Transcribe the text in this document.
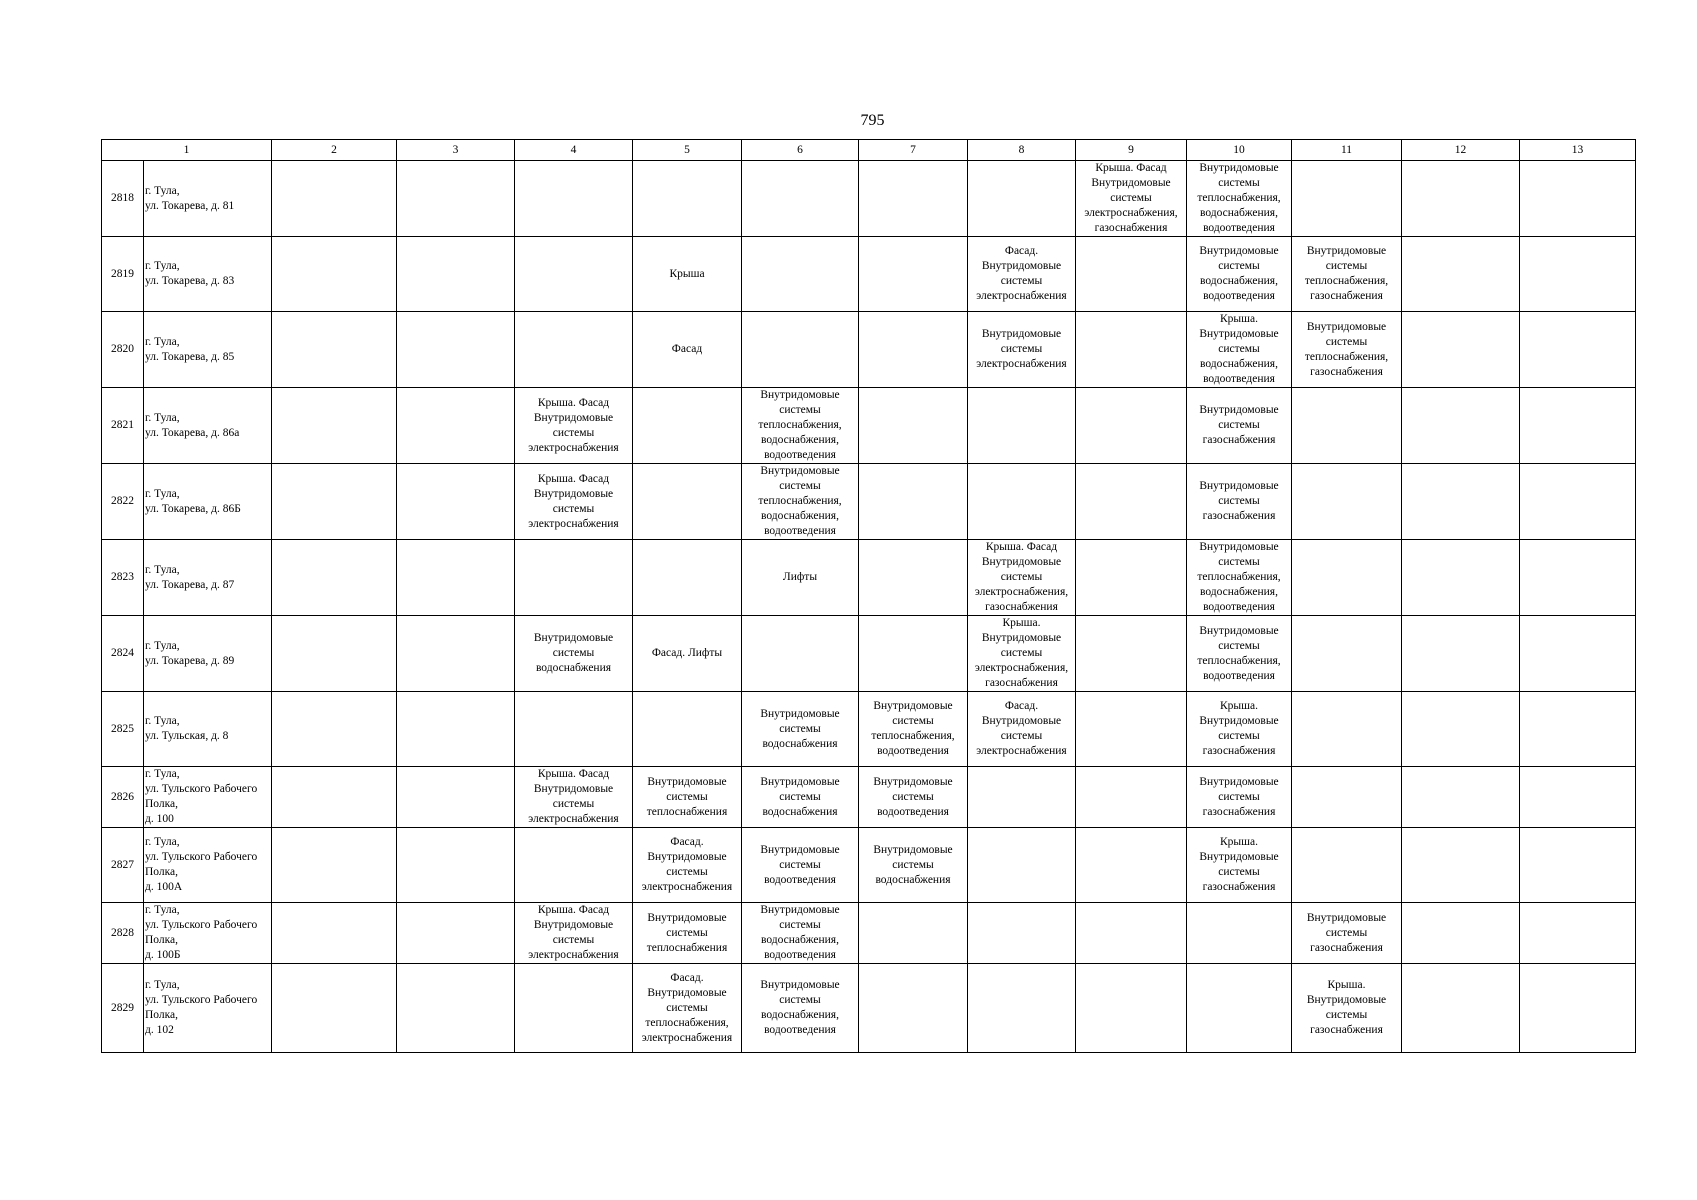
795
1		2	3	4	5	6	7	8	9	10	11	12	13
2818	г. Тула,
ул. Токарева, д. 81								Крыша. Фасад
Внутридомовые
системы
электроснабжения,
газоснабжения	Внутридомовые
системы
теплоснабжения,
водоснабжения,
водоотведения			
2819	г. Тула,
ул. Токарева, д. 83				Крыша			Фасад.
Внутридомовые
системы
электроснабжения		Внутридомовые
системы
водоснабжения,
водоотведения	Внутридомовые
системы
теплоснабжения,
газоснабжения		
2820	г. Тула,
ул. Токарева, д. 85				Фасад			Внутридомовые
системы
электроснабжения		Крыша.
Внутридомовые
системы
водоснабжения,
водоотведения	Внутридомовые
системы
теплоснабжения,
газоснабжения		
2821	г. Тула,
ул. Токарева, д. 86а			Крыша. Фасад
Внутридомовые
системы
электроснабжения		Внутридомовые
системы
теплоснабжения,
водоснабжения,
водоотведения				Внутридомовые
системы
газоснабжения			
2822	г. Тула,
ул. Токарева, д. 86Б			Крыша. Фасад
Внутридомовые
системы
электроснабжения		Внутридомовые
системы
теплоснабжения,
водоснабжения,
водоотведения				Внутридомовые
системы
газоснабжения			
2823	г. Тула,
ул. Токарева, д. 87					Лифты		Крыша. Фасад
Внутридомовые
системы
электроснабжения,
газоснабжения		Внутридомовые
системы
теплоснабжения,
водоснабжения,
водоотведения			
2824	г. Тула,
ул. Токарева, д. 89			Внутридомовые
системы
водоснабжения	Фасад. Лифты			Крыша.
Внутридомовые
системы
электроснабжения,
газоснабжения		Внутридомовые
системы
теплоснабжения,
водоотведения			
2825	г. Тула,
ул. Тульская, д. 8					Внутридомовые
системы
водоснабжения	Внутридомовые
системы
теплоснабжения,
водоотведения	Фасад.
Внутридомовые
системы
электроснабжения		Крыша.
Внутридомовые
системы
газоснабжения			
2826	г. Тула,
ул. Тульского Рабочего
Полка,
д. 100			Крыша. Фасад
Внутридомовые
системы
электроснабжения	Внутридомовые
системы
теплоснабжения	Внутридомовые
системы
водоснабжения	Внутридомовые
системы
водоотведения			Внутридомовые
системы
газоснабжения			
2827	г. Тула,
ул. Тульского Рабочего
Полка,
д. 100А				Фасад.
Внутридомовые
системы
электроснабжения	Внутридомовые
системы
водоотведения	Внутридомовые
системы
водоснабжения			Крыша.
Внутридомовые
системы
газоснабжения			
2828	г. Тула,
ул. Тульского Рабочего
Полка,
д. 100Б			Крыша. Фасад
Внутридомовые
системы
электроснабжения	Внутридомовые
системы
теплоснабжения	Внутридомовые
системы
водоснабжения,
водоотведения					Внутридомовые
системы
газоснабжения		
2829	г. Тула,
ул. Тульского Рабочего
Полка,
д. 102				Фасад.
Внутридомовые
системы
теплоснабжения,
электроснабжения	Внутридомовые
системы
водоснабжения,
водоотведения					Крыша.
Внутридомовые
системы
газоснабжения		
